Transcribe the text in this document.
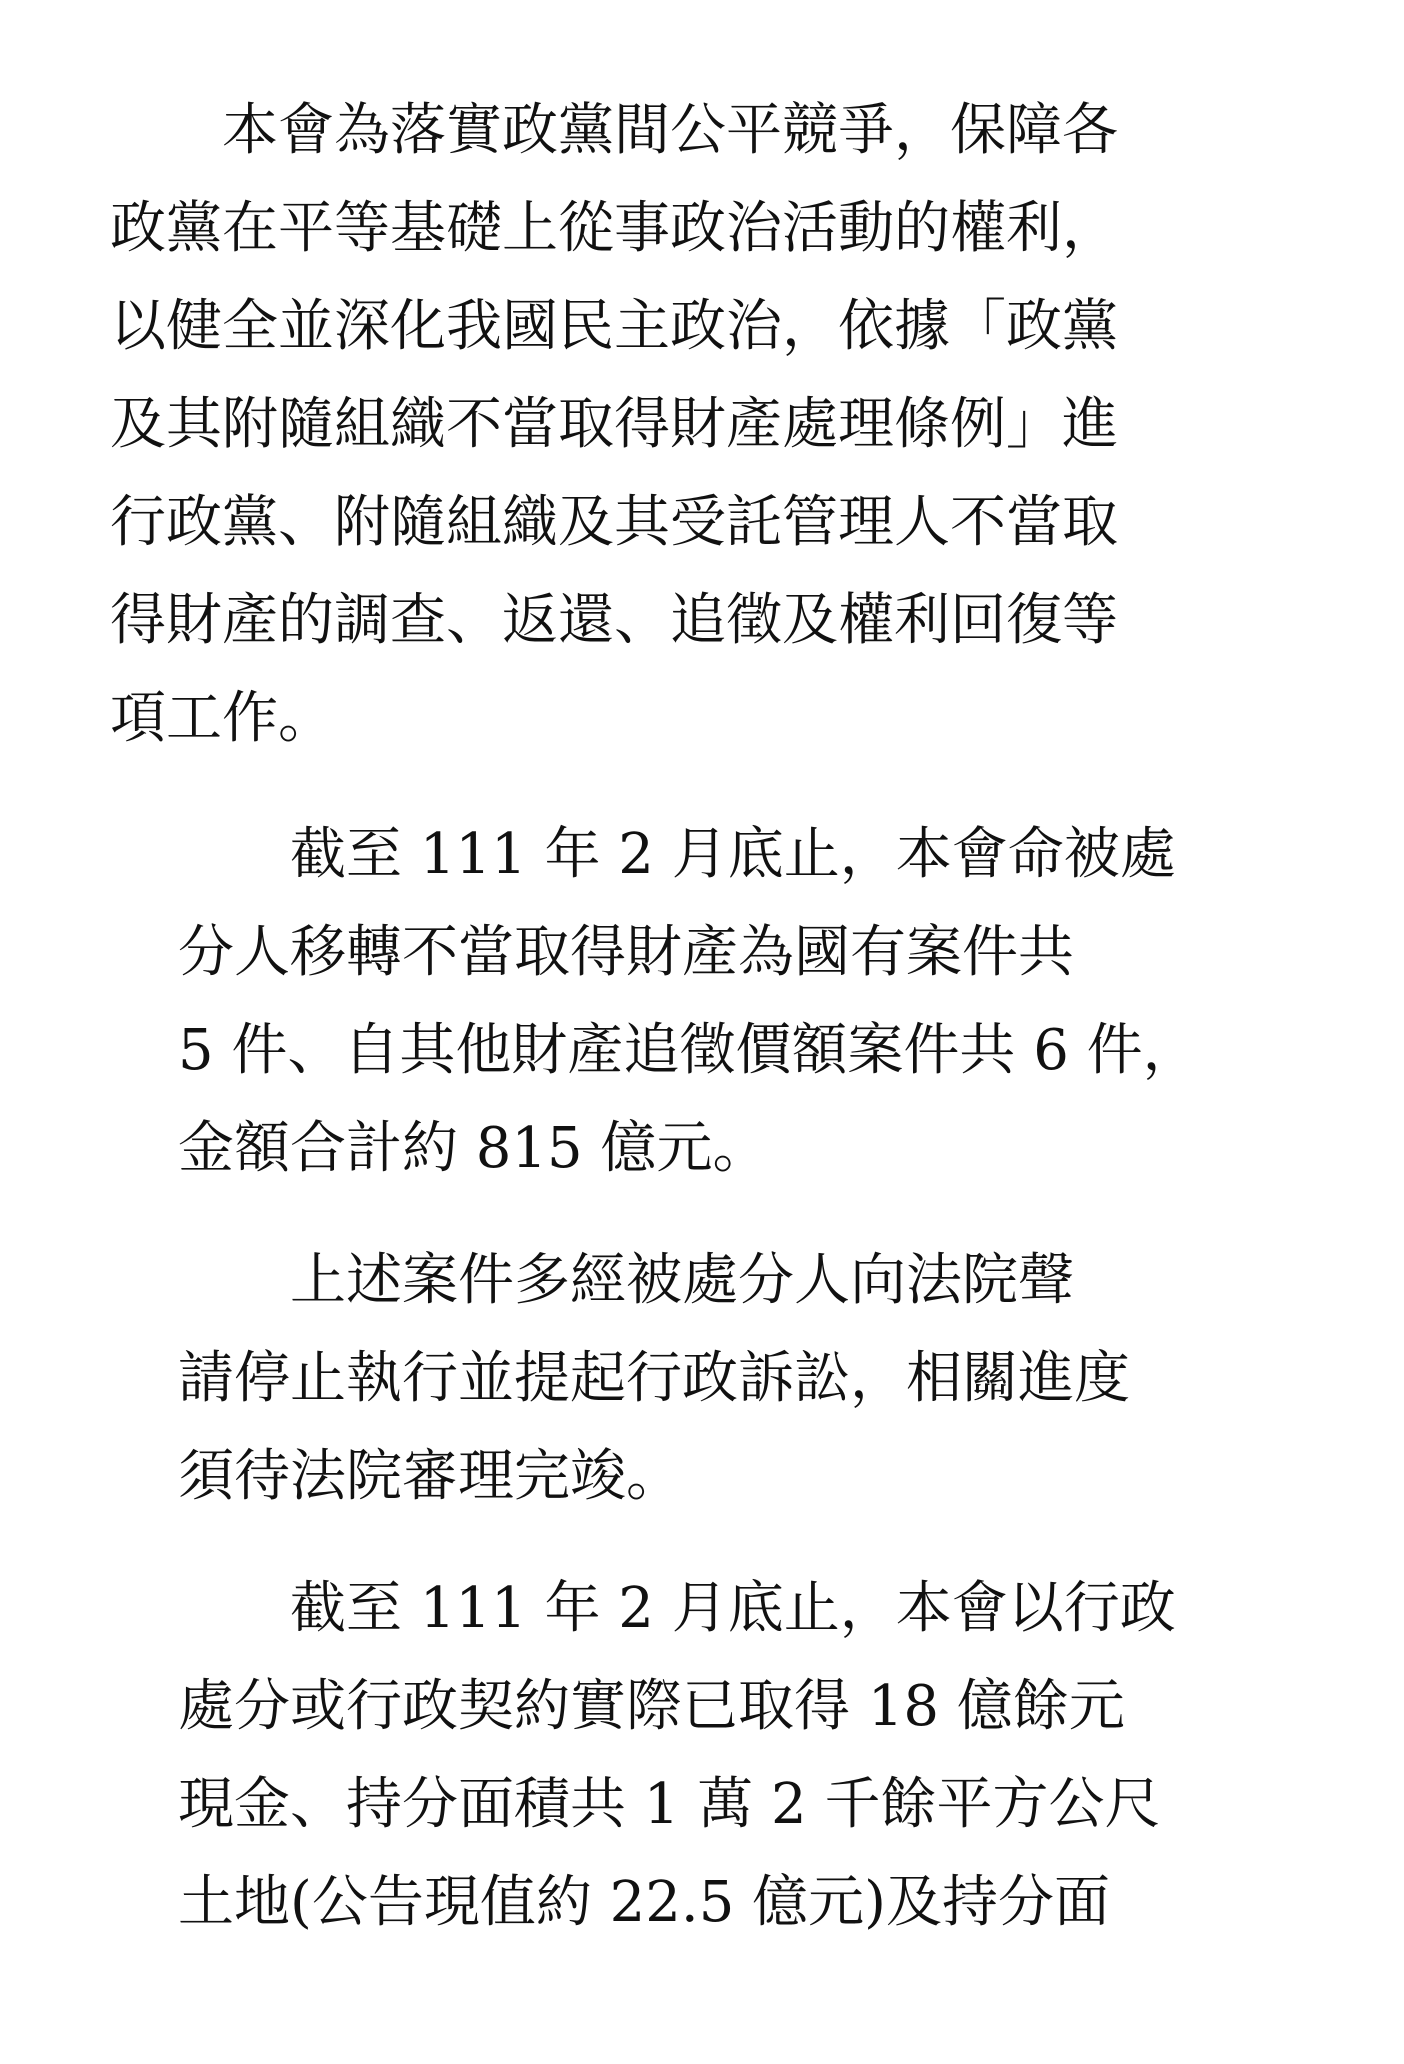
　　本會為落實政黨間公平競爭，保障各
政黨在平等基礎上從事政治活動的權利，
以健全並深化我國民主政治，依據「政黨
及其附隨組織不當取得財產處理條例」進
行政黨、附隨組織及其受託管理人不當取
得財產的調查、返還、追徵及權利回復等
項工作。
　　截至 111 年 2 月底止，本會命被處
分人移轉不當取得財產為國有案件共
5 件、自其他財產追徵價額案件共 6 件，
金額合計約 815 億元。
　　上述案件多經被處分人向法院聲
請停止執行並提起行政訴訟，相關進度
須待法院審理完竣。
　　截至 111 年 2 月底止，本會以行政
處分或行政契約實際已取得 18 億餘元
現金、持分面積共 1 萬 2 千餘平方公尺
土地(公告現值約 22.5 億元)及持分面
